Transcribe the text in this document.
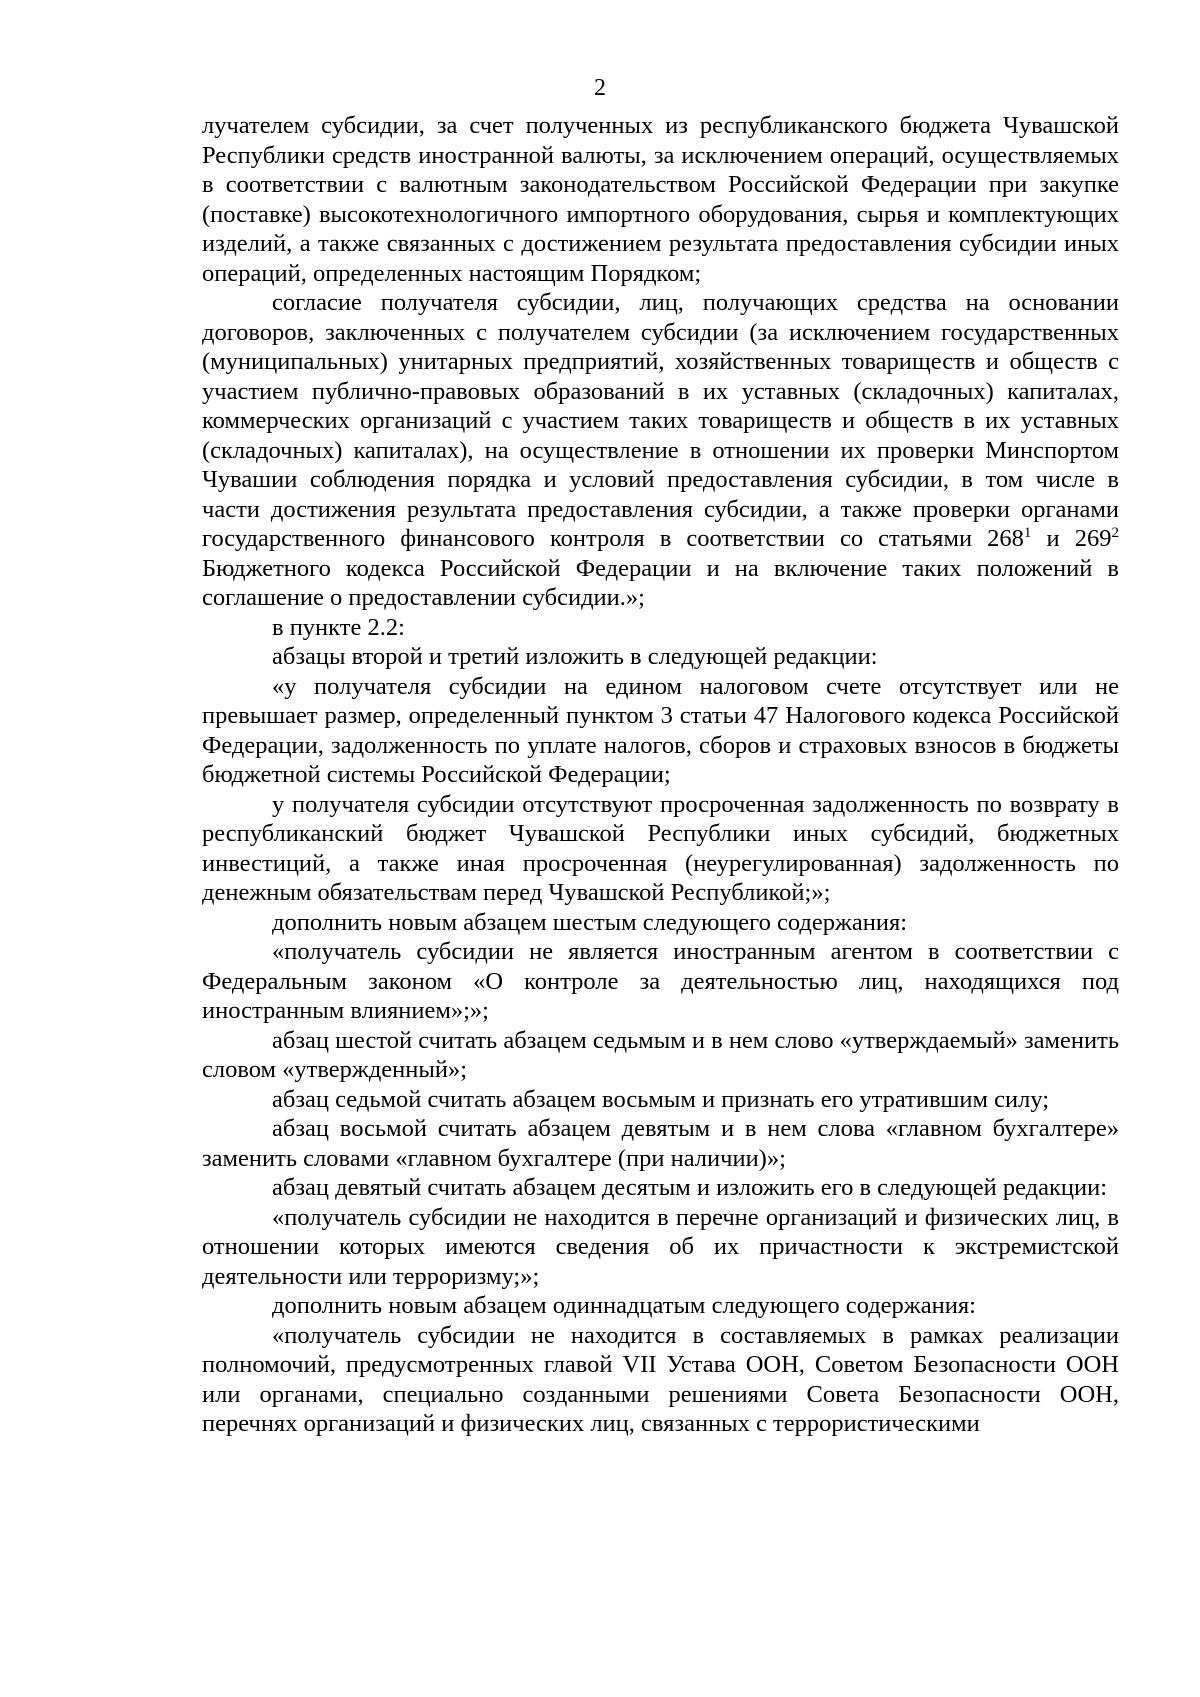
2

лучателем субсидии, за счет полученных из республиканского бюджета Чувашской Республики средств иностранной валюты, за исключением операций, осуществляемых в соответствии с валютным законодательством Российской Федерации при закупке (поставке) высокотехнологичного импортного оборудования, сырья и комплектующих изделий, а также связанных с достижением результата предоставления субсидии иных операций, определенных настоящим Порядком;

согласие получателя субсидии, лиц, получающих средства на основании договоров, заключенных с получателем субсидии (за исключением государственных (муниципальных) унитарных предприятий, хозяйственных товариществ и обществ с участием публично-правовых образований в их уставных (складочных) капиталах, коммерческих организаций с участием таких товариществ и обществ в их уставных (складочных) капиталах), на осуществление в отношении их проверки Минспортом Чувашии соблюдения порядка и условий предоставления субсидии, в том числе в части достижения результата предоставления субсидии, а также проверки органами государственного финансового контроля в соответствии со статьями $268^1$ и $269^2$ Бюджетного кодекса Российской Федерации и на включение таких положений в соглашение о предоставлении субсидии.»;

в пункте 2.2:

абзацы второй и третий изложить в следующей редакции:

«у получателя субсидии на едином налоговом счете отсутствует или не превышает размер, определенный пунктом 3 статьи 47 Налогового кодекса Российской Федерации, задолженность по уплате налогов, сборов и страховых взносов в бюджеты бюджетной системы Российской Федерации;

у получателя субсидии отсутствуют просроченная задолженность по возврату в республиканский бюджет Чувашской Республики иных субсидий, бюджетных инвестиций, а также иная просроченная (неурегулированная) задолженность по денежным обязательствам перед Чувашской Республикой;»;

дополнить новым абзацем шестым следующего содержания:

«получатель субсидии не является иностранным агентом в соответствии с Федеральным законом «О контроле за деятельностью лиц, находящихся под иностранным влиянием»;»;

абзац шестой считать абзацем седьмым и в нем слово «утверждаемый» заменить словом «утвержденный»;

абзац седьмой считать абзацем восьмым и признать его утратившим силу;

абзац восьмой считать абзацем девятым и в нем слова «главном бухгалтере» заменить словами «главном бухгалтере (при наличии)»;

абзац девятый считать абзацем десятым и изложить его в следующей редакции:

«получатель субсидии не находится в перечне организаций и физических лиц, в отношении которых имеются сведения об их причастности к экстремистской деятельности или терроризму;»;

дополнить новым абзацем одиннадцатым следующего содержания:

«получатель субсидии не находится в составляемых в рамках реализации полномочий, предусмотренных главой VII Устава ООН, Советом Безопасности ООН или органами, специально созданными решениями Совета Безопасности ООН, перечнях организаций и физических лиц, связанных с террористическими
